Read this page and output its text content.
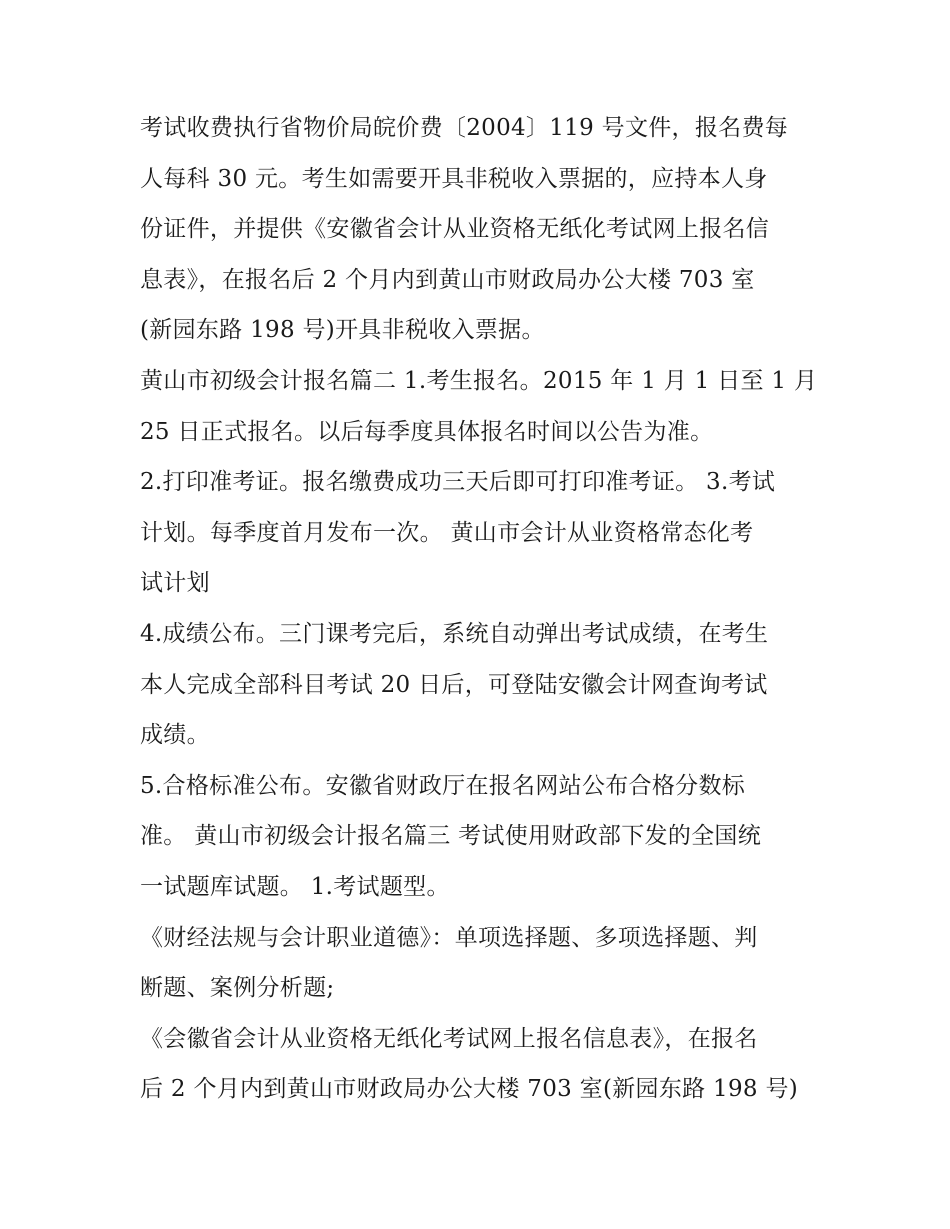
考试收费执行省物价局皖价费〔2004〕119 号文件，报名费每
人每科 30 元。考生如需要开具非税收入票据的，应持本人身
份证件，并提供《安徽省会计从业资格无纸化考试网上报名信
息表》，在报名后 2 个月内到黄山市财政局办公大楼 703 室
(新园东路 198 号)开具非税收入票据。
黄山市初级会计报名篇二 1.考生报名。2015 年 1 月 1 日至 1 月
25 日正式报名。以后每季度具体报名时间以公告为准。
2.打印准考证。报名缴费成功三天后即可打印准考证。 3.考试
计划。每季度首月发布一次。 黄山市会计从业资格常态化考
试计划
4.成绩公布。三门课考完后，系统自动弹出考试成绩，在考生
本人完成全部科目考试 20 日后，可登陆安徽会计网查询考试
成绩。
5.合格标准公布。安徽省财政厅在报名网站公布合格分数标
准。 黄山市初级会计报名篇三 考试使用财政部下发的全国统
一试题库试题。 1.考试题型。
《财经法规与会计职业道德》：单项选择题、多项选择题、判
断题、案例分析题;
《会徽省会计从业资格无纸化考试网上报名信息表》，在报名
后 2 个月内到黄山市财政局办公大楼 703 室(新园东路 198 号)
